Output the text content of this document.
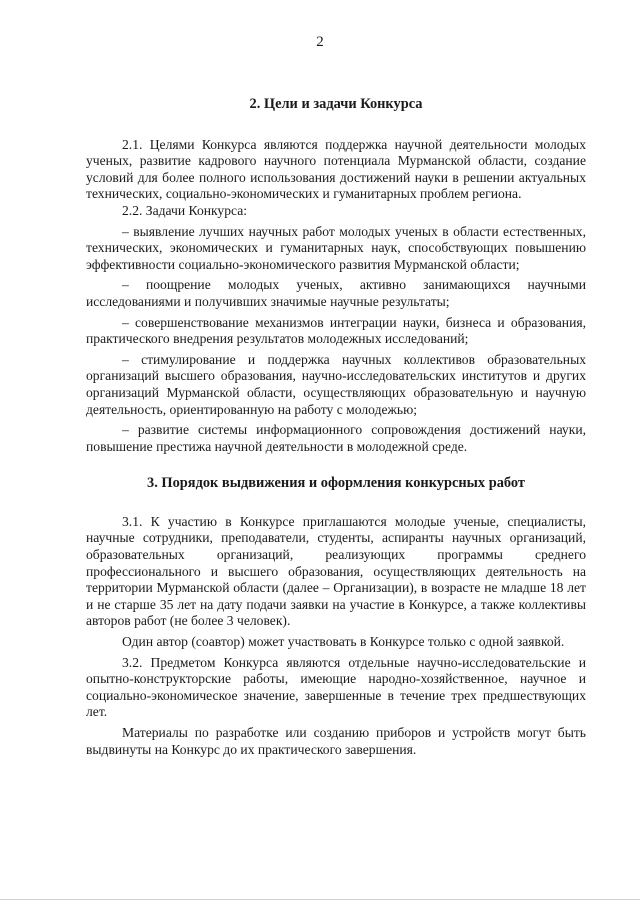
2
2. Цели и задачи Конкурса

2.1. Целями Конкурса являются поддержка научной деятельности молодых ученых, развитие кадрового научного потенциала Мурманской области, создание условий для более полного использования достижений науки в решении актуальных технических, социально-экономических и гуманитарных проблем региона.

2.2. Задачи Конкурса:

– выявление лучших научных работ молодых ученых в области естественных, технических, экономических и гуманитарных наук, способствующих повышению эффективности социально-экономического развития Мурманской области;

– поощрение молодых ученых, активно занимающихся научными исследованиями и получивших значимые научные результаты;

– совершенствование механизмов интеграции науки, бизнеса и образования, практического внедрения результатов молодежных исследований;

– стимулирование и поддержка научных коллективов образовательных организаций высшего образования, научно-исследовательских институтов и других организаций Мурманской области, осуществляющих образовательную и научную деятельность, ориентированную на работу с молодежью;

– развитие системы информационного сопровождения достижений науки, повышение престижа научной деятельности в молодежной среде.

3. Порядок выдвижения и оформления конкурсных работ

3.1. К участию в Конкурсе приглашаются молодые ученые, специалисты, научные сотрудники, преподаватели, студенты, аспиранты научных организаций, образовательных организаций, реализующих программы среднего профессионального и высшего образования, осуществляющих деятельность на территории Мурманской области (далее – Организации), в возрасте не младше 18 лет и не старше 35 лет на дату подачи заявки на участие в Конкурсе, а также коллективы авторов работ (не более 3 человек).

Один автор (соавтор) может участвовать в Конкурсе только с одной заявкой.

3.2. Предметом Конкурса являются отдельные научно-исследовательские и опытно-конструкторские работы, имеющие народно-хозяйственное, научное и социально-экономическое значение, завершенные в течение трех предшествующих лет.

Материалы по разработке или созданию приборов и устройств могут быть выдвинуты на Конкурс до их практического завершения.
